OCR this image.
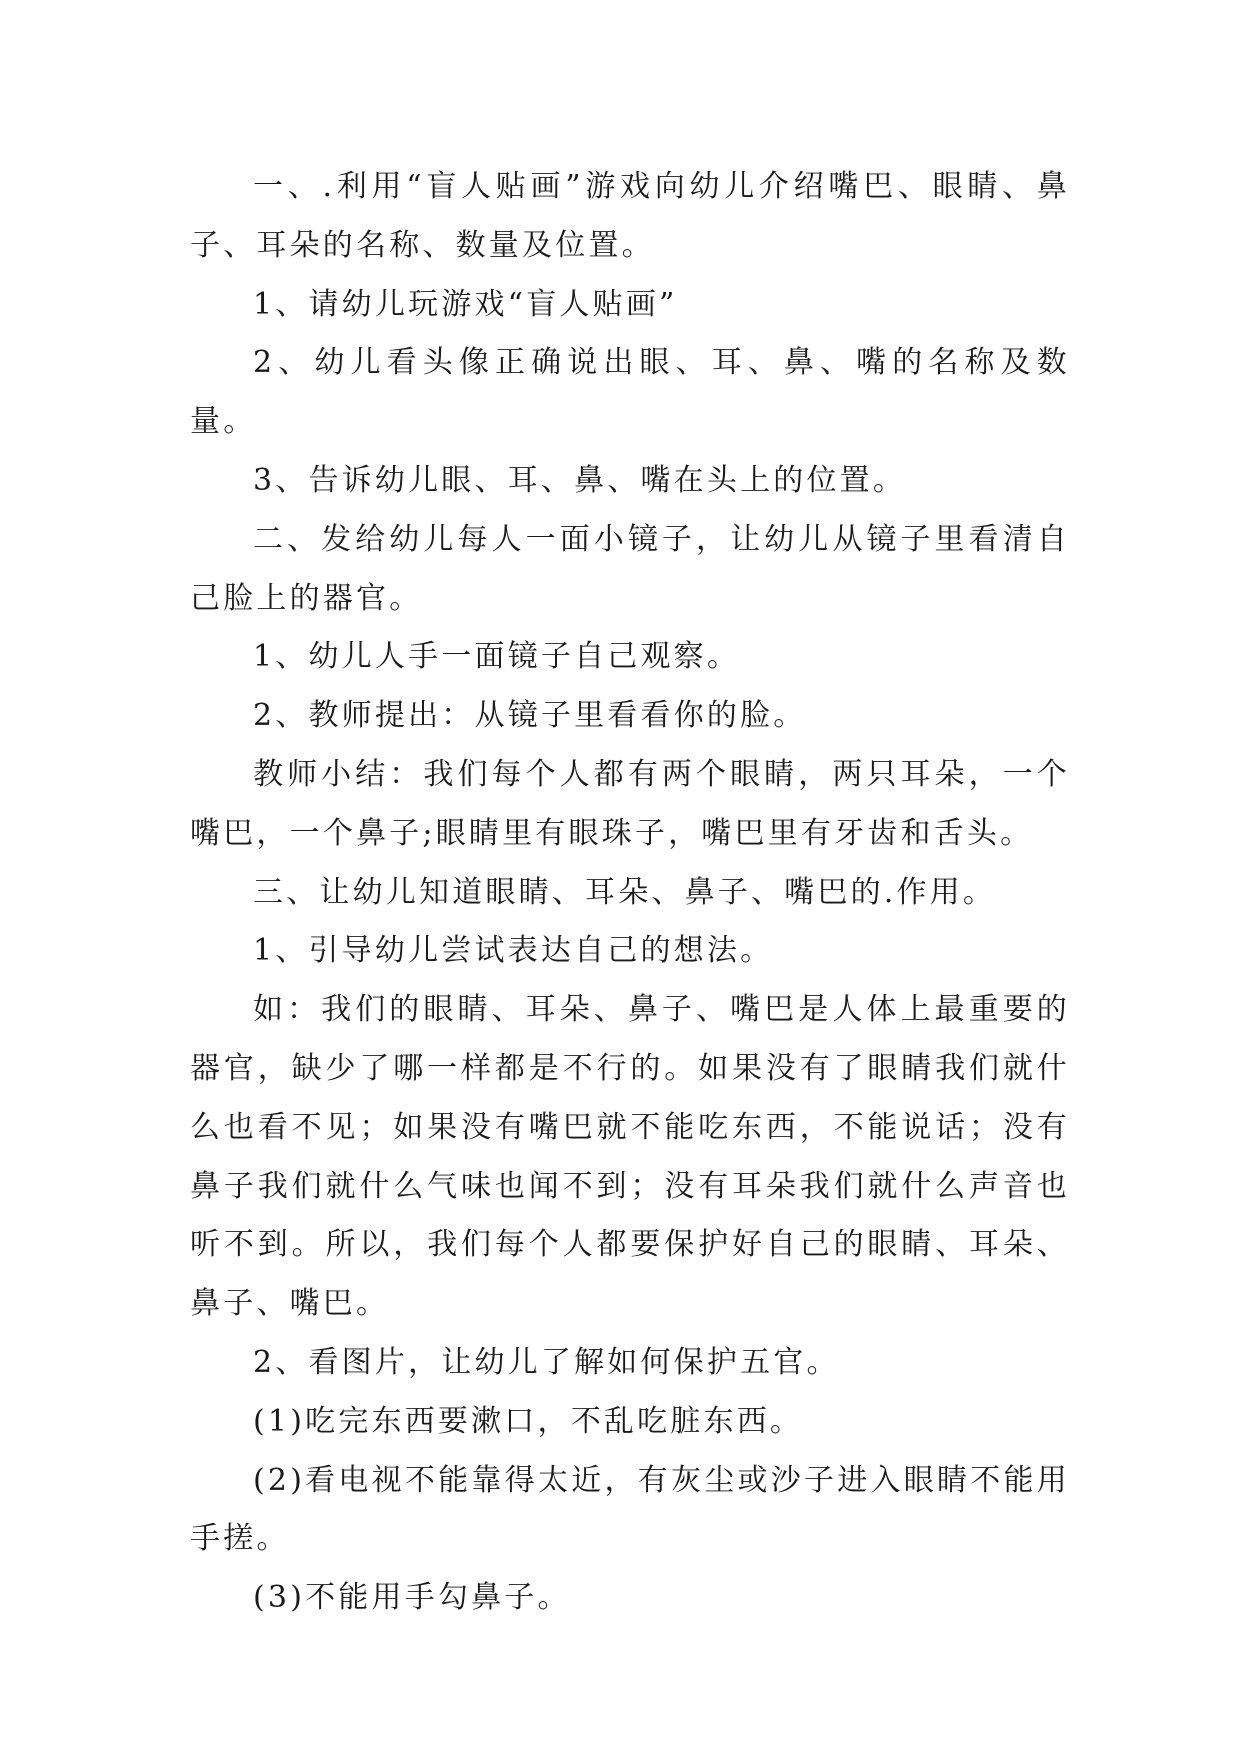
一、.利用“盲人贴画”游戏向幼儿介绍嘴巴、眼睛、鼻子、耳朵的名称、数量及位置。

1、请幼儿玩游戏“盲人贴画”

2、幼儿看头像正确说出眼、耳、鼻、嘴的名称及数量。

3、告诉幼儿眼、耳、鼻、嘴在头上的位置。

二、发给幼儿每人一面小镜子，让幼儿从镜子里看清自己脸上的器官。

1、幼儿人手一面镜子自己观察。

2、教师提出：从镜子里看看你的脸。

教师小结：我们每个人都有两个眼睛，两只耳朵，一个嘴巴，一个鼻子;眼睛里有眼珠子，嘴巴里有牙齿和舌头。

三、让幼儿知道眼睛、耳朵、鼻子、嘴巴的.作用。

1、引导幼儿尝试表达自己的想法。

如：我们的眼睛、耳朵、鼻子、嘴巴是人体上最重要的器官，缺少了哪一样都是不行的。如果没有了眼睛我们就什么也看不见；如果没有嘴巴就不能吃东西，不能说话；没有鼻子我们就什么气味也闻不到；没有耳朵我们就什么声音也听不到。所以，我们每个人都要保护好自己的眼睛、耳朵、鼻子、嘴巴。

2、看图片，让幼儿了解如何保护五官。

(1)吃完东西要漱口，不乱吃脏东西。

(2)看电视不能靠得太近，有灰尘或沙子进入眼睛不能用手搓。

(3)不能用手勾鼻子。
